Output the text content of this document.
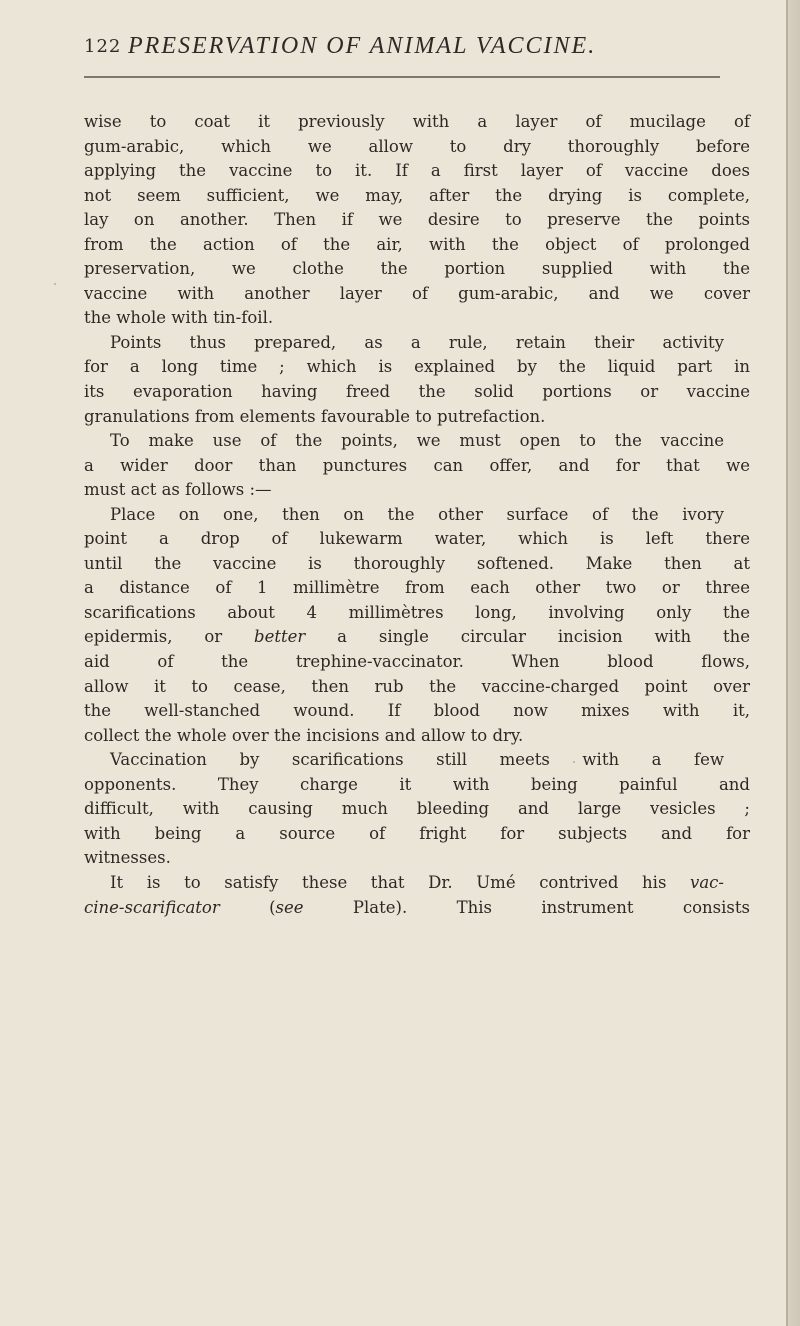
122 PRESERVATION OF ANIMAL VACCINE.
wise to coat it previously with a layer of mucilage of
gum-arabic, which we allow to dry thoroughly before
applying the vaccine to it. If a first layer of vaccine does
not seem sufficient, we may, after the drying is complete,
lay on another. Then if we desire to preserve the points
from the action of the air, with the object of prolonged
preservation, we clothe the portion supplied with the
vaccine with another layer of gum-arabic, and we cover
the whole with tin-foil.
Points thus prepared, as a rule, retain their activity
for a long time ; which is explained by the liquid part in
its evaporation having freed the solid portions or vaccine
granulations from elements favourable to putrefaction.
To make use of the points, we must open to the vaccine
a wider door than punctures can offer, and for that we
must act as follows :—
Place on one, then on the other surface of the ivory
point a drop of lukewarm water, which is left there
until the vaccine is thoroughly softened. Make then at
a distance of 1 millimètre from each other two or three
scarifications about 4 millimètres long, involving only the
epidermis, or better a single circular incision with the
aid of the trephine-vaccinator. When blood flows,
allow it to cease, then rub the vaccine-charged point over
the well-stanched wound. If blood now mixes with it,
collect the whole over the incisions and allow to dry.
Vaccination by scarifications still meets with a few
opponents. They charge it with being painful and
difficult, with causing much bleeding and large vesicles ;
with being a source of fright for subjects and for
witnesses.
It is to satisfy these that Dr. Umé contrived his vac-
cine-scarificator (see Plate). This instrument consists
